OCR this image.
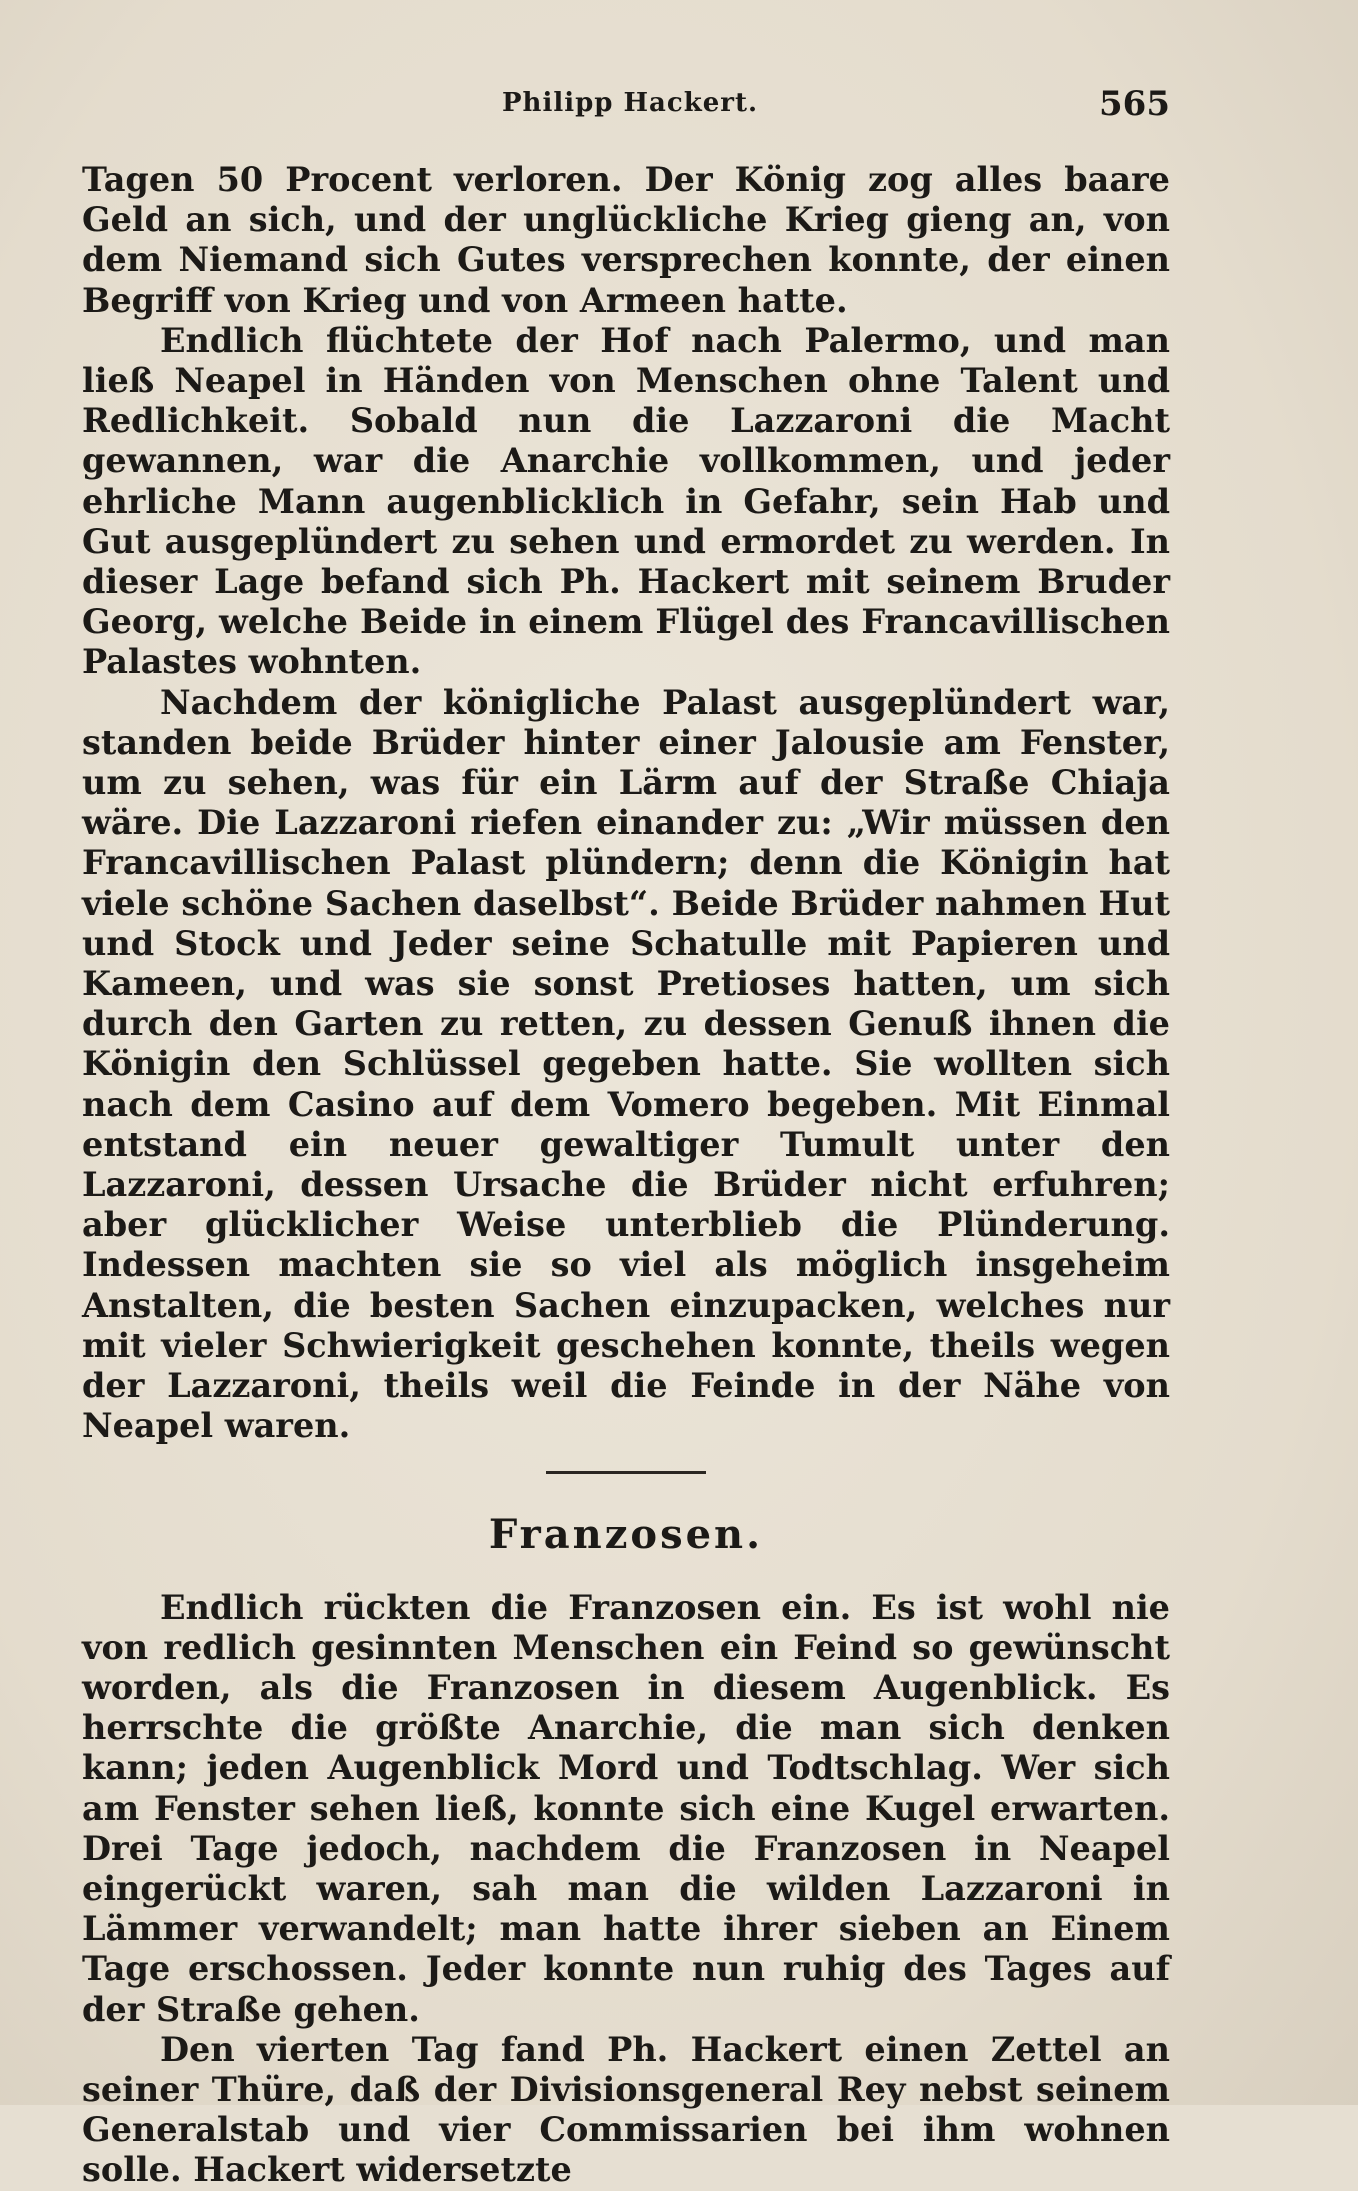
Philipp Hackert.	565

Tagen 50 Procent verloren. Der König zog alles baare Geld an sich, und der unglückliche Krieg gieng an, von dem Niemand sich Gutes versprechen konnte, der einen Begriff von Krieg und von Armeen hatte.

Endlich flüchtete der Hof nach Palermo, und man ließ Neapel in Händen von Menschen ohne Talent und Redlichkeit. Sobald nun die Lazzaroni die Macht gewannen, war die Anarchie vollkommen, und jeder ehrliche Mann augenblicklich in Gefahr, sein Hab und Gut ausgeplündert zu sehen und ermordet zu werden. In dieser Lage befand sich Ph. Hackert mit seinem Bruder Georg, welche Beide in einem Flügel des Francavillischen Palastes wohnten.

Nachdem der königliche Palast ausgeplündert war, standen beide Brüder hinter einer Jalousie am Fenster, um zu sehen, was für ein Lärm auf der Straße Chiaja wäre. Die Lazzaroni riefen einander zu: „Wir müssen den Francavillischen Palast plündern; denn die Königin hat viele schöne Sachen daselbst“. Beide Brüder nahmen Hut und Stock und Jeder seine Schatulle mit Papieren und Kameen, und was sie sonst Pretioses hatten, um sich durch den Garten zu retten, zu dessen Genuß ihnen die Königin den Schlüssel gegeben hatte. Sie wollten sich nach dem Casino auf dem Vomero begeben. Mit Einmal entstand ein neuer gewaltiger Tumult unter den Lazzaroni, dessen Ursache die Brüder nicht erfuhren; aber glücklicher Weise unterblieb die Plünderung. Indessen machten sie so viel als möglich insgeheim Anstalten, die besten Sachen einzupacken, welches nur mit vieler Schwierigkeit geschehen konnte, theils wegen der Lazzaroni, theils weil die Feinde in der Nähe von Neapel waren.

Franzosen.

Endlich rückten die Franzosen ein. Es ist wohl nie von redlich gesinnten Menschen ein Feind so gewünscht worden, als die Franzosen in diesem Augenblick. Es herrschte die größte Anarchie, die man sich denken kann; jeden Augenblick Mord und Todtschlag. Wer sich am Fenster sehen ließ, konnte sich eine Kugel erwarten. Drei Tage jedoch, nachdem die Franzosen in Neapel eingerückt waren, sah man die wilden Lazzaroni in Lämmer verwandelt; man hatte ihrer sieben an Einem Tage erschossen. Jeder konnte nun ruhig des Tages auf der Straße gehen.

Den vierten Tag fand Ph. Hackert einen Zettel an seiner Thüre, daß der Divisionsgeneral Rey nebst seinem Generalstab und vier Commissarien bei ihm wohnen solle. Hackert widersetzte
